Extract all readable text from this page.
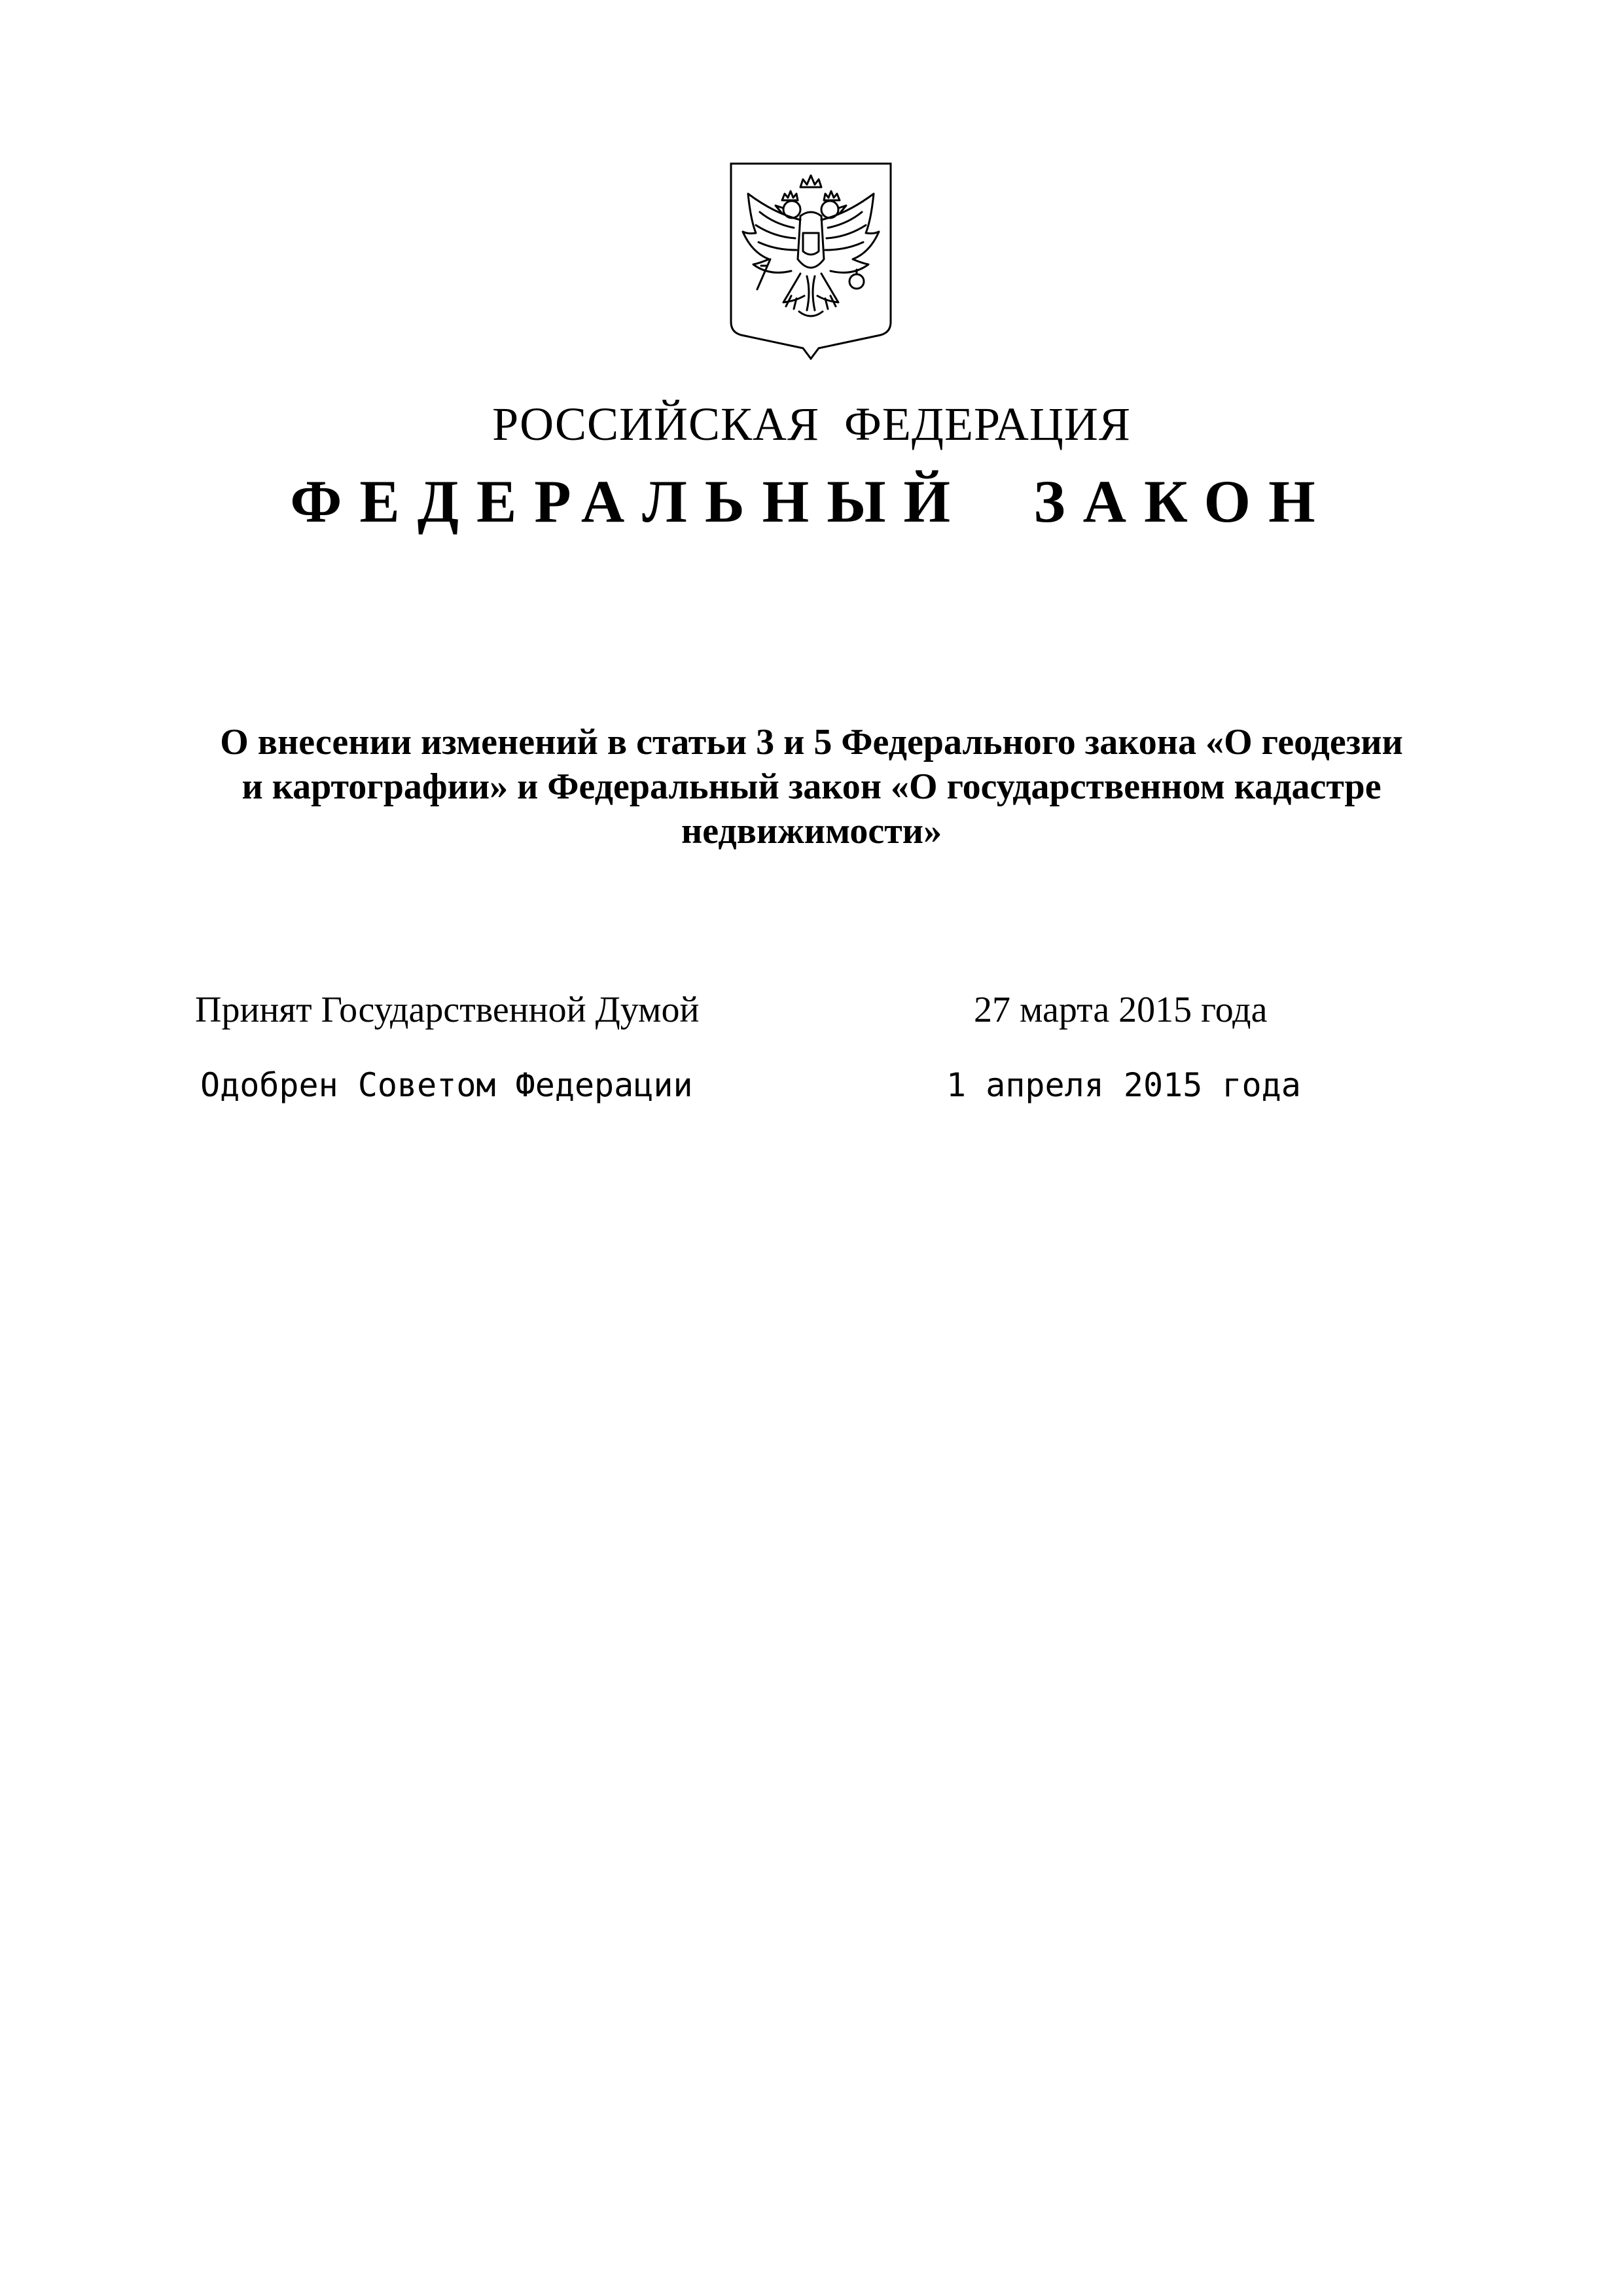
РОССИЙСКАЯ  ФЕДЕРАЦИЯ
ФЕДЕРАЛЬНЫЙ  ЗАКОН
О внесении изменений в статьи 3 и 5 Федерального закона «О геодезии
и картографии» и Федеральный закон «О государственном кадастре
недвижимости»
Принят Государственной Думой	27 марта 2015 года
Одобрен Советом Федерации	1 апреля 2015 года
